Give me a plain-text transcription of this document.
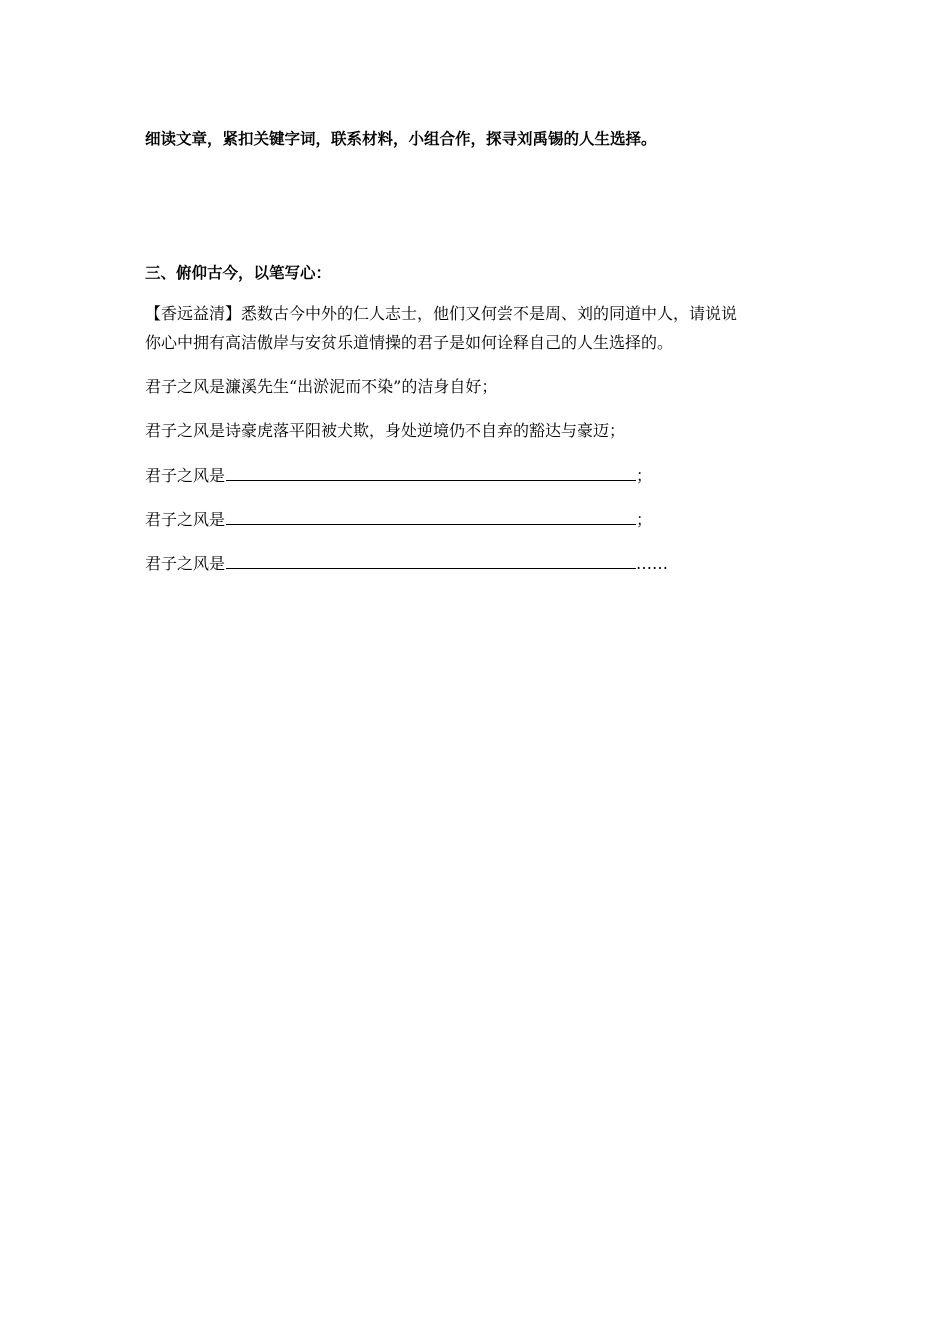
细读文章，紧扣关键字词，联系材料，小组合作，探寻刘禹锡的人生选择。
三、俯仰古今，以笔写心：
【香远益清】悉数古今中外的仁人志士，他们又何尝不是周、刘的同道中人，请说说
你心中拥有高洁傲岸与安贫乐道情操的君子是如何诠释自己的人生选择的。
君子之风是濂溪先生“出淤泥而不染”的洁身自好；
君子之风是诗豪虎落平阳被犬欺，身处逆境仍不自弃的豁达与豪迈；
君子之风是	；
君子之风是	；
君子之风是	……
